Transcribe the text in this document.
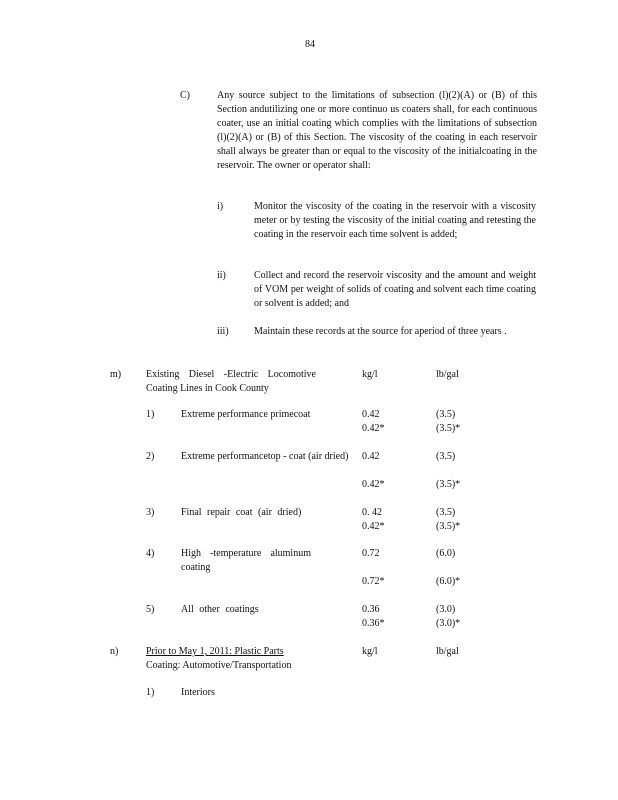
84
C)	Any source subject to the limitations of subsection (l)(2)(A) or (B) of this Section andutilizing one or more continuo us coaters shall, for each continuous coater, use an initial coating which complies with the limitations of subsection (l)(2)(A) or (B) of this Section. The viscosity of the coating in each reservoir shall always be greater than or equal to the viscosity of the initialcoating in the reservoir. The owner or operator shall:
i)	Monitor the viscosity of the coating in the reservoir with a viscosity meter or by testing the viscosity of the initial coating and retesting the coating in the reservoir each time solvent is added;
ii)	Collect and record the reservoir viscosity and the amount and weight of VOM per weight of solids of coating and solvent each time coating or solvent is added; and
iii)	Maintain these records at the source for aperiod of three years .
m) Existing Diesel -Electric Locomotive Coating Lines in Cook County
kg/l	lb/gal
1)	Extreme performance primecoat	0.42	(3.5)
0.42*	(3.5)*
2)	Extreme performancetop - coat (air dried) 0.42	(3.5)
0.42*	(3.5)*
3)	Final repair coat (air dried)	0. 42	(3.5)
0.42*	(3.5)*
4)	High -temperature aluminum coating
0.72	(6.0)
0.72*	(6.0)*
5)	All other coatings	0.36	(3.0)
0.36*	(3.0)*
n)	Prior to May 1, 2011: Plastic Parts
Coating: Automotive/Transportation
kg/l	lb/gal
1)	Interiors
